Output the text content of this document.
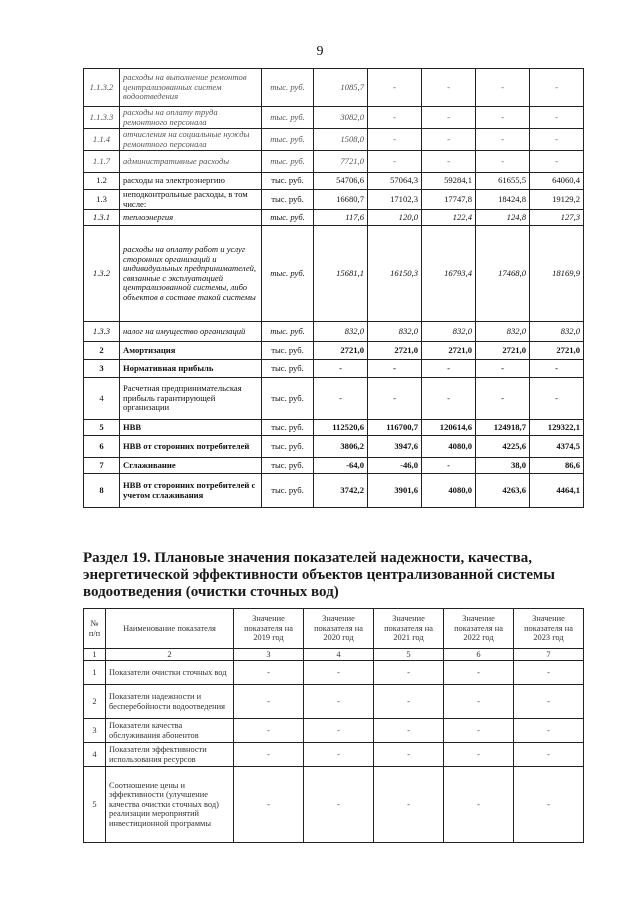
9
1.1.3.2	расходы на выполнение ремонтов централизованных систем водоотведения	тыс. руб.	1085,7	-	-	-	-
1.1.3.3	расходы на оплату труда ремонтного персонала	тыс. руб.	3082,0	-	-	-	-
1.1.4	отчисления на социальные нужды ремонтного персонала	тыс. руб.	1508,0	-	-	-	-
1.1.7	административные расходы	тыс. руб.	7721,0	-	-	-	-
1.2	расходы на электроэнергию	тыс. руб.	54706,6	57064,3	59284,1	61655,5	64060,4
1.3	неподконтрольные расходы, в том числе:	тыс. руб.	16680,7	17102,3	17747,8	18424,8	19129,2
1.3.1	теплоэнергия	тыс. руб.	117,6	120,0	122,4	124,8	127,3
1.3.2	расходы на оплату работ и услуг сторонних организаций и индивидуальных предпринимателей, связанные с эксплуатацией централизованной системы, либо объектов в составе такой системы	тыс. руб.	15681,1	16150,3	16793,4	17468,0	18169,9
1.3.3	налог на имущество организаций	тыс. руб.	832,0	832,0	832,0	832,0	832,0
2	Амортизация	тыс. руб.	2721,0	2721,0	2721,0	2721,0	2721,0
3	Нормативная прибыль	тыс. руб.	-	-	-	-	-
4	Расчетная предпринимательская прибыль гарантирующей организации	тыс. руб.	-	-	-	-	-
5	НВВ	тыс. руб.	112520,6	116700,7	120614,6	124918,7	129322,1
6	НВВ от сторонних потребителей	тыс. руб.	3806,2	3947,6	4080,0	4225,6	4374,5
7	Сглаживание	тыс. руб.	-64,0	-46,0	-	38,0	86,6
8	НВВ от сторонних потребителей с учетом сглаживания	тыс. руб.	3742,2	3901,6	4080,0	4263,6	4464,1
Раздел 19. Плановые значения показателей надежности, качества,
энергетической эффективности объектов централизованной системы
водоотведения (очистки сточных вод)
№ п/п	Наименование показателя	Значение показателя на 2019 год	Значение показателя на 2020 год	Значение показателя на 2021 год	Значение показателя на 2022 год	Значение показателя на 2023 год
1	2	3	4	5	6	7
1	Показатели очистки сточных вод	-	-	-	-	-
2	Показатели надежности и бесперебойности водоотведения	-	-	-	-	-
3	Показатели качества обслуживания абонентов	-	-	-	-	-
4	Показатели эффективности использования ресурсов	-	-	-	-	-
5	Соотношение цены и эффективности (улучшение качества очистки сточных вод) реализации мероприятий инвестиционной программы	-	-	-	-	-
